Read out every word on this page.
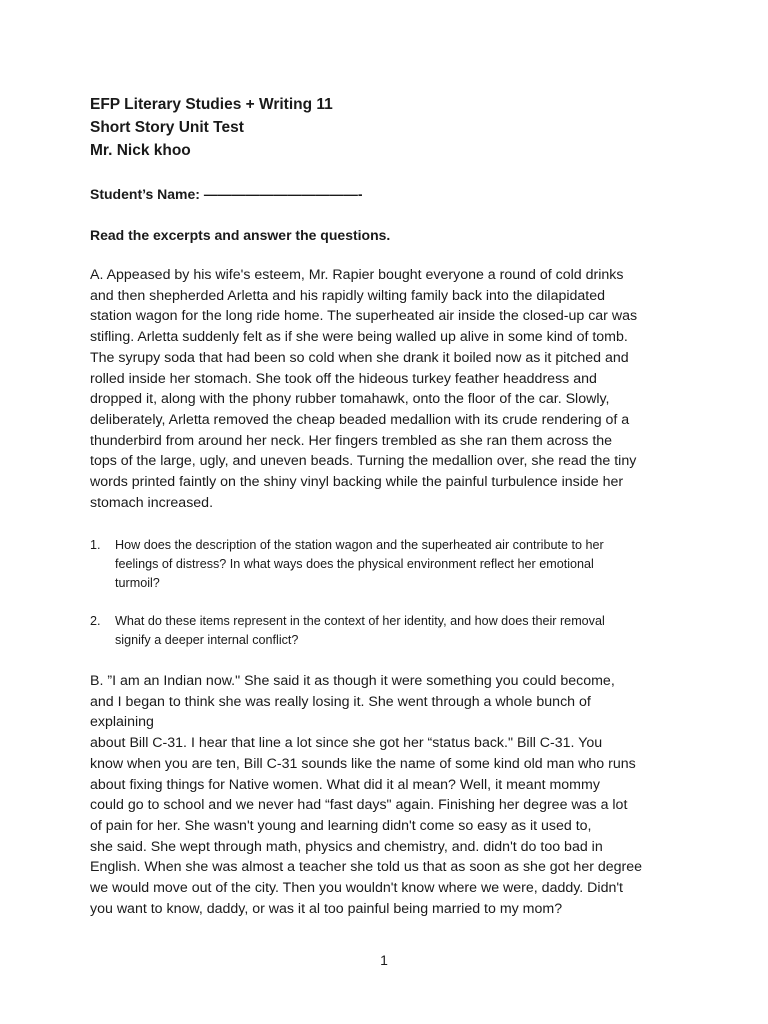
EFP Literary Studies + Writing 11
Short Story Unit Test
Mr. Nick khoo
Student’s Name: ———————————-
Read the excerpts and answer the questions.
A. Appeased by his wife's esteem, Mr. Rapier bought everyone a round of cold drinks
and then shepherded Arletta and his rapidly wilting family back into the dilapidated
station wagon for the long ride home. The superheated air inside the closed-up car was
stifling. Arletta suddenly felt as if she were being walled up alive in some kind of tomb.
The syrupy soda that had been so cold when she drank it boiled now as it pitched and
rolled inside her stomach. She took off the hideous turkey feather headdress and
dropped it, along with the phony rubber tomahawk, onto the floor of the car. Slowly,
deliberately, Arletta removed the cheap beaded medallion with its crude rendering of a
thunderbird from around her neck. Her fingers trembled as she ran them across the
tops of the large, ugly, and uneven beads. Turning the medallion over, she read the tiny
words printed faintly on the shiny vinyl backing while the painful turbulence inside her
stomach increased.
1. How does the description of the station wagon and the superheated air contribute to her
feelings of distress? In what ways does the physical environment reflect her emotional
turmoil?
2. What do these items represent in the context of her identity, and how does their removal
signify a deeper internal conflict?
B. ”I am an Indian now." She said it as though it were something you could become,
and I began to think she was really losing it. She went through a whole bunch of
explaining
about Bill C-31. I hear that line a lot since she got her “status back." Bill C-31. You
know when you are ten, Bill C-31 sounds like the name of some kind old man who runs
about fixing things for Native women. What did it al mean? Well, it meant mommy
could go to school and we never had “fast days" again. Finishing her degree was a lot
of pain for her. She wasn't young and learning didn't come so easy as it used to,
she said. She wept through math, physics and chemistry, and. didn't do too bad in
English. When she was almost a teacher she told us that as soon as she got her degree
we would move out of the city. Then you wouldn't know where we were, daddy. Didn't
you want to know, daddy, or was it al too painful being married to my mom?
1
